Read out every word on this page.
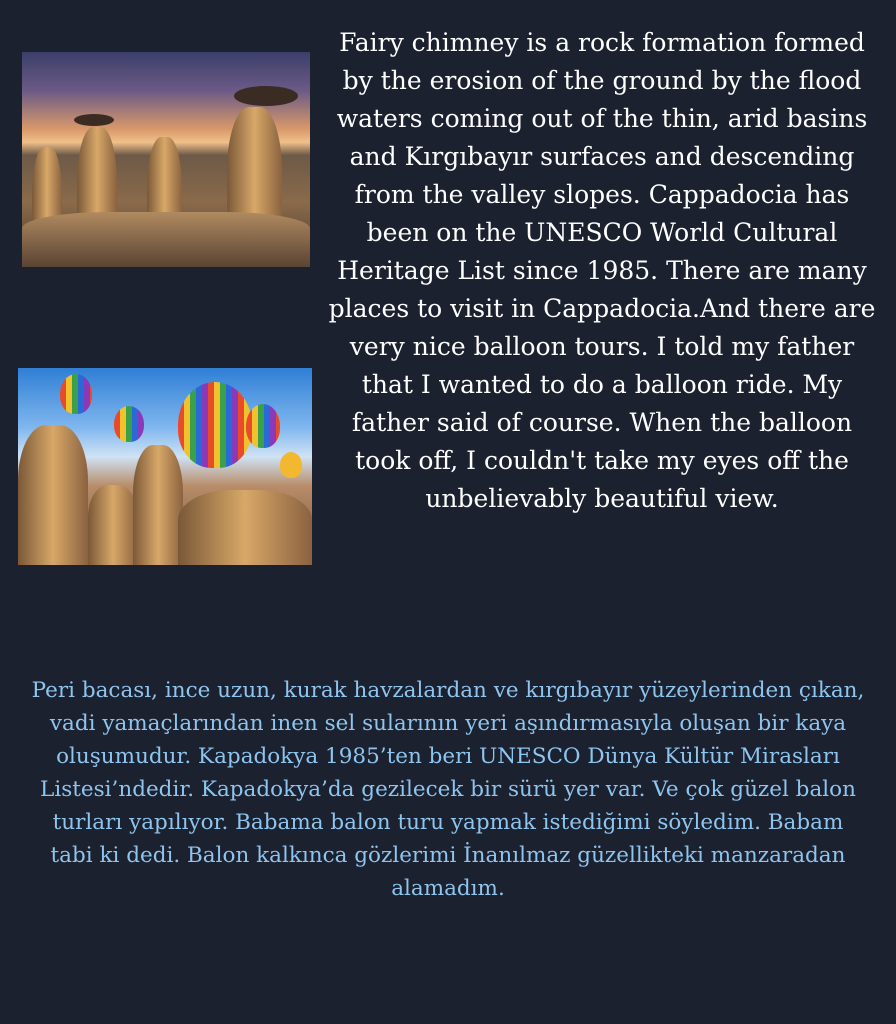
Fairy chimney is a rock formation formed by the erosion of the ground by the flood waters coming out of the thin, arid basins and Kırgıbayır surfaces and descending from the valley slopes. Cappadocia has been on the UNESCO World Cultural Heritage List since 1985. There are many places to visit in Cappadocia.And there are very nice balloon tours. I told my father that I wanted to do a balloon ride. My father said of course. When the balloon took off, I couldn't take my eyes off the unbelievably beautiful view.

Peri bacası, ince uzun, kurak havzalardan ve kırgıbayır yüzeylerinden çıkan, vadi yamaçlarından inen sel sularının yeri aşındırmasıyla oluşan bir kaya oluşumudur. Kapadokya 1985’ten beri UNESCO Dünya Kültür Mirasları Listesi’ndedir. Kapadokya’da gezilecek bir sürü yer var. Ve çok güzel balon turları yapılıyor. Babama balon turu yapmak istediğimi söyledim. Babam tabi ki dedi. Balon kalkınca gözlerimi İnanılmaz güzellikteki manzaradan alamadım.
